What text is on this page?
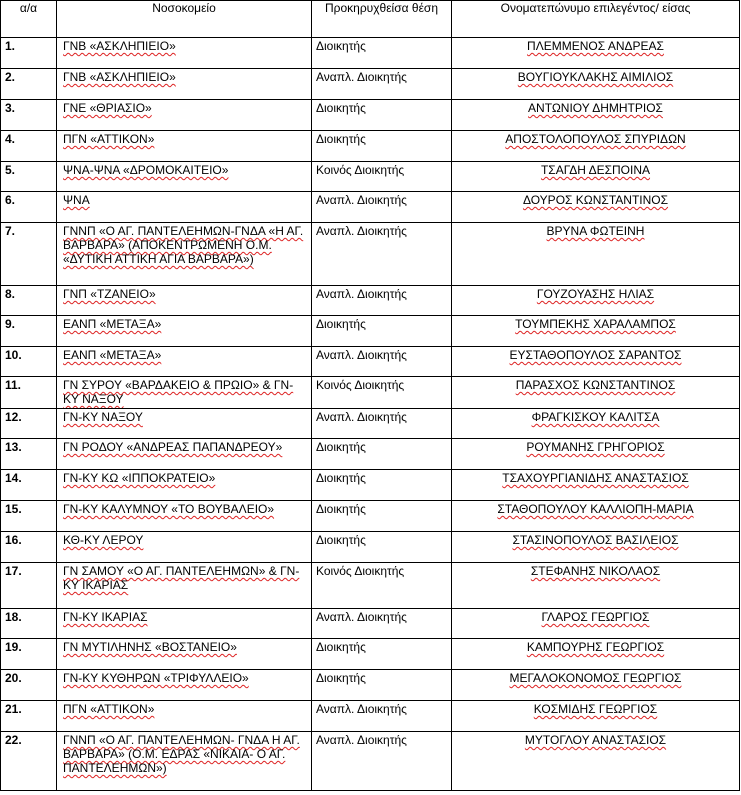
α/α	Νοσοκομείο	Προκηρυχθείσα θέση	Ονοματεπώνυμο επιλεγέντος/ είσας
1.	ΓΝΒ «ΑΣΚΛΗΠΙΕΙΟ»	Διοικητής	ΠΛΕΜΜΕΝΟΣ ΑΝΔΡΕΑΣ
2.	ΓΝΒ «ΑΣΚΛΗΠΙΕΙΟ»	Αναπλ. Διοικητής	ΒΟΥΓΙΟΥΚΛΑΚΗΣ ΑΙΜΙΛΙΟΣ
3.	ΓΝΕ «ΘΡΙΑΣΙΟ»	Διοικητής	ΑΝΤΩΝΙΟΥ ΔΗΜΗΤΡΙΟΣ
4.	ΠΓΝ «ΑΤΤΙΚΟΝ»	Διοικητής	ΑΠΟΣΤΟΛΟΠΟΥΛΟΣ ΣΠΥΡΙΔΩΝ
5.	ΨΝΑ-ΨΝΑ «ΔΡΟΜΟΚΑΙΤΕΙΟ»	Κοινός Διοικητής	ΤΣΑΓΔΗ ΔΕΣΠΟΙΝΑ
6.	ΨΝΑ	Αναπλ. Διοικητής	ΔΟΥΡΟΣ ΚΩΝΣΤΑΝΤΙΝΟΣ
7.	ΓΝΝΠ «Ο ΑΓ. ΠΑΝΤΕΛΕΗΜΩΝ-ΓΝΔΑ «Η ΑΓ. ΒΑΡΒΑΡΑ» (ΑΠΟΚΕΝΤΡΩΜΕΝΗ Ο.Μ. «ΔΥΤΙΚΗ ΑΤΤΙΚΗ ΑΓΙΑ ΒΑΡΒΑΡΑ»)	Αναπλ. Διοικητής	ΒΡΥΝΑ ΦΩΤΕΙΝΗ
8.	ΓΝΠ «ΤΖΑΝΕΙΟ»	Αναπλ. Διοικητής	ΓΟΥΖΟΥΑΣΗΣ ΗΛΙΑΣ
9.	ΕΑΝΠ «ΜΕΤΑΞΑ»	Διοικητής	ΤΟΥΜΠΕΚΗΣ ΧΑΡΑΛΑΜΠΟΣ
10.	ΕΑΝΠ «ΜΕΤΑΞΑ»	Αναπλ. Διοικητής	ΕΥΣΤΑΘΟΠΟΥΛΟΣ ΣΑΡΑΝΤΟΣ
11.	ΓΝ ΣΥΡΟΥ «ΒΑΡΔΑΚΕΙΟ & ΠΡΩΙΟ» & ΓΝ-ΚΥ ΝΑΞΟΥ	Κοινός Διοικητής	ΠΑΡΑΣΧΟΣ ΚΩΝΣΤΑΝΤΙΝΟΣ
12.	ΓΝ-ΚΥ ΝΑΞΟΥ	Αναπλ. Διοικητής	ΦΡΑΓΚΙΣΚΟΥ ΚΑΛΙΤΣΑ
13.	ΓΝ ΡΟΔΟΥ «ΑΝΔΡΕΑΣ ΠΑΠΑΝΔΡΕΟΥ»	Διοικητής	ΡΟΥΜΑΝΗΣ ΓΡΗΓΟΡΙΟΣ
14.	ΓΝ-ΚΥ ΚΩ «ΙΠΠΟΚΡΑΤΕΙΟ»	Διοικητής	ΤΣΑΧΟΥΡΓΙΑΝΙΔΗΣ ΑΝΑΣΤΑΣΙΟΣ
15.	ΓΝ-ΚΥ ΚΑΛΥΜΝΟΥ «ΤΟ ΒΟΥΒΑΛΕΙΟ»	Διοικητής	ΣΤΑΘΟΠΟΥΛΟΥ ΚΑΛΛΙΟΠΗ-ΜΑΡΙΑ
16.	ΚΘ-ΚΥ ΛΕΡΟΥ	Διοικητής	ΣΤΑΣΙΝΟΠΟΥΛΟΣ ΒΑΣΙΛΕΙΟΣ
17.	ΓΝ ΣΑΜΟΥ «Ο ΑΓ. ΠΑΝΤΕΛΕΗΜΩΝ» & ΓΝ-ΚΥ ΙΚΑΡΙΑΣ	Κοινός Διοικητής	ΣΤΕΦΑΝΗΣ ΝΙΚΟΛΑΟΣ
18.	ΓΝ-ΚΥ ΙΚΑΡΙΑΣ	Αναπλ. Διοικητής	ΓΛΑΡΟΣ ΓΕΩΡΓΙΟΣ
19.	ΓΝ ΜΥΤΙΛΗΝΗΣ «ΒΟΣΤΑΝΕΙΟ»	Διοικητής	ΚΑΜΠΟΥΡΗΣ ΓΕΩΡΓΙΟΣ
20.	ΓΝ-ΚΥ ΚΥΘΗΡΩΝ «ΤΡΙΦΥΛΛΕΙΟ»	Διοικητής	ΜΕΓΑΛΟΚΟΝΟΜΟΣ ΓΕΩΡΓΙΟΣ
21.	ΠΓΝ «ΑΤΤΙΚΟΝ»	Αναπλ. Διοικητής	ΚΟΣΜΙΔΗΣ ΓΕΩΡΓΙΟΣ
22.	ΓΝΝΠ «Ο ΑΓ. ΠΑΝΤΕΛΕΗΜΩΝ- ΓΝΔΑ Η ΑΓ. ΒΑΡΒΑΡΑ» (Ο.Μ. ΕΔΡΑΣ «ΝΙΚΑΙΑ- Ο ΑΓ. ΠΑΝΤΕΛΕΗΜΩΝ»)	Αναπλ. Διοικητής	ΜΥΤΟΓΛΟΥ ΑΝΑΣΤΑΣΙΟΣ
